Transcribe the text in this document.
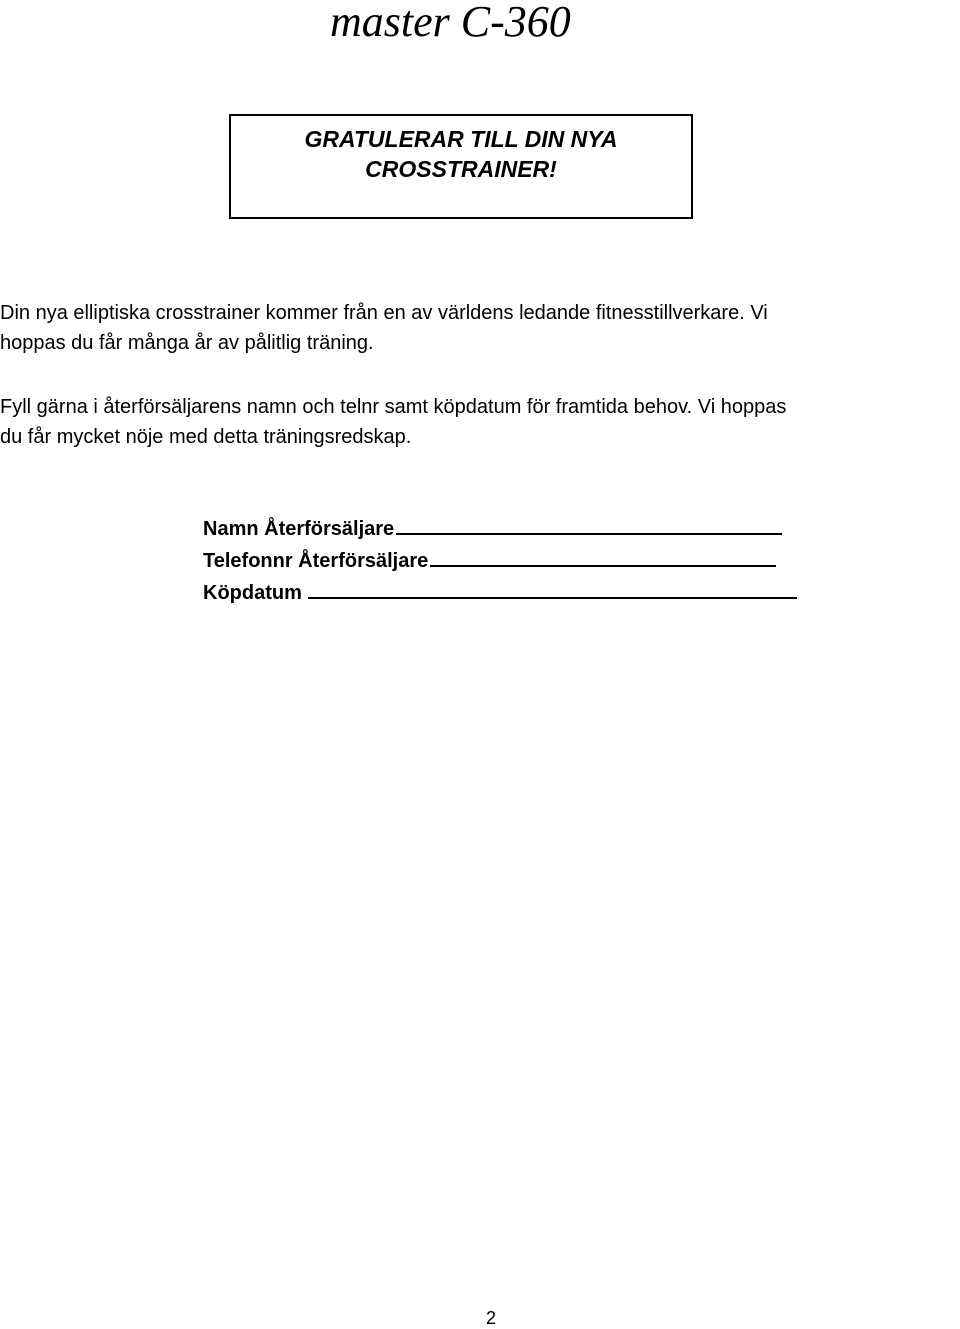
master C-360
GRATULERAR TILL DIN NYA
CROSSTRAINER!
Din nya elliptiska crosstrainer kommer från en av världens ledande fitnesstillverkare. Vi
hoppas du får många år av pålitlig träning.
Fyll gärna i återförsäljarens namn och telnr samt köpdatum för framtida behov. Vi hoppas
du får mycket nöje med detta träningsredskap.
Namn Återförsäljare
Telefonnr Återförsäljare
Köpdatum
2
